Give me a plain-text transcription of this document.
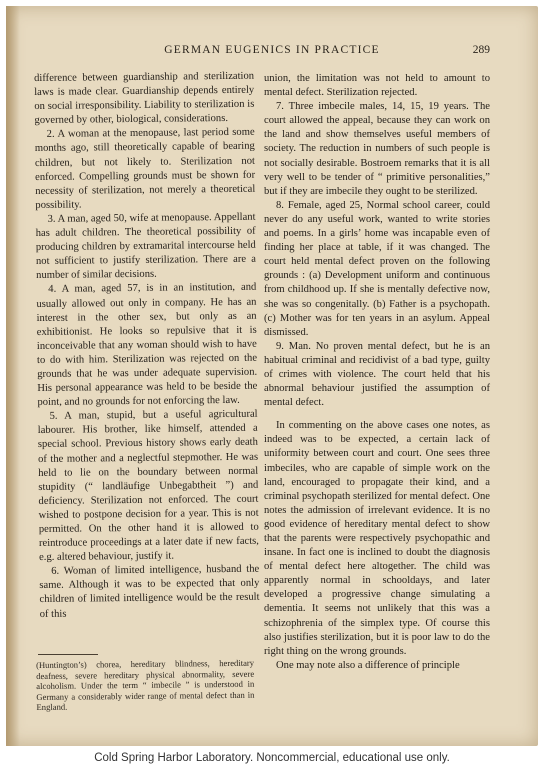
GERMAN EUGENICS IN PRACTICE	289

difference between guardianship and sterilization laws is made clear. Guardianship depends entirely on social irresponsibility. Liability to sterilization is governed by other, biological, considerations.

2. A woman at the menopause, last period some months ago, still theoretically capable of bearing children, but not likely to. Sterilization not enforced. Compelling grounds must be shown for necessity of sterilization, not merely a theoretical possibility.

3. A man, aged 50, wife at menopause. Appellant has adult children. The theoretical possibility of producing children by extramarital intercourse held not sufficient to justify sterilization. There are a number of similar decisions.

4. A man, aged 57, is in an institution, and usually allowed out only in company. He has an interest in the other sex, but only as an exhibitionist. He looks so repulsive that it is inconceivable that any woman should wish to have to do with him. Sterilization was rejected on the grounds that he was under adequate supervision. His personal appearance was held to be beside the point, and no grounds for not enforcing the law.

5. A man, stupid, but a useful agricultural labourer. His brother, like himself, attended a special school. Previous history shows early death of the mother and a neglectful stepmother. He was held to lie on the boundary between normal stupidity (“ landläufige Unbegabtheit ”) and deficiency. Sterilization not enforced. The court wished to postpone decision for a year. This is not permitted. On the other hand it is allowed to reintroduce proceedings at a later date if new facts, e.g. altered behaviour, justify it.

6. Woman of limited intelligence, husband the same. Although it was to be expected that only children of limited intelligence would be the result of this

(Huntington’s) chorea, hereditary blindness, hereditary deafness, severe hereditary physical abnormality, severe alcoholism. Under the term “ imbecile ” is understood in Germany a considerably wider range of mental defect than in England.

union, the limitation was not held to amount to mental defect. Sterilization rejected.

7. Three imbecile males, 14, 15, 19 years. The court allowed the appeal, because they can work on the land and show themselves useful members of society. The reduction in numbers of such people is not socially desirable. Bostroem remarks that it is all very well to be tender of “ primitive personalities,” but if they are imbecile they ought to be sterilized.

8. Female, aged 25, Normal school career, could never do any useful work, wanted to write stories and poems. In a girls’ home was incapable even of finding her place at table, if it was changed. The court held mental defect proven on the following grounds : (a) Development uniform and continuous from childhood up. If she is mentally defective now, she was so congenitally. (b) Father is a psychopath. (c) Mother was for ten years in an asylum. Appeal dismissed.

9. Man. No proven mental defect, but he is an habitual criminal and recidivist of a bad type, guilty of crimes with violence. The court held that his abnormal behaviour justified the assumption of mental defect.

In commenting on the above cases one notes, as indeed was to be expected, a certain lack of uniformity between court and court. One sees three imbeciles, who are capable of simple work on the land, encouraged to propagate their kind, and a criminal psychopath sterilized for mental defect. One notes the admission of irrelevant evidence. It is no good evidence of hereditary mental defect to show that the parents were respectively psychopathic and insane. In fact one is inclined to doubt the diagnosis of mental defect here altogether. The child was apparently normal in schooldays, and later developed a progressive change simulating a dementia. It seems not unlikely that this was a schizophrenia of the simplex type. Of course this also justifies sterilization, but it is poor law to do the right thing on the wrong grounds.

One may note also a difference of principle

Cold Spring Harbor Laboratory. Noncommercial, educational use only.
